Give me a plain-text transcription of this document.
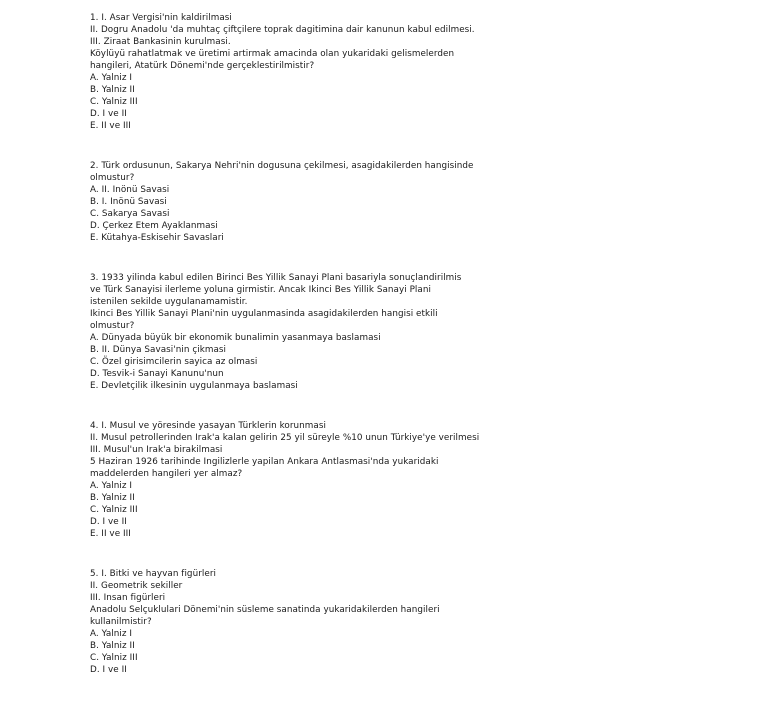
1. I. Asar Vergisi'nin kaldirilmasi
II. Dogru Anadolu 'da muhtaç çiftçilere toprak dagitimina dair kanunun kabul edilmesi.
III. Ziraat Bankasinin kurulmasi.
Köylüyü rahatlatmak ve üretimi artirmak amacinda olan yukaridaki gelismelerden
hangileri, Atatürk Dönemi'nde gerçeklestirilmistir?
A. Yalniz I
B. Yalniz II
C. Yalniz III
D. I ve II
E. II ve III
2. Türk ordusunun, Sakarya Nehri'nin dogusuna çekilmesi, asagidakilerden hangisinde
olmustur?
A. II. Inönü Savasi
B. I. Inönü Savasi
C. Sakarya Savasi
D. Çerkez Etem Ayaklanmasi
E. Kütahya-Eskisehir Savaslari
3. 1933 yilinda kabul edilen Birinci Bes Yillik Sanayi Plani basariyla sonuçlandirilmis
ve Türk Sanayisi ilerleme yoluna girmistir. Ancak Ikinci Bes Yillik Sanayi Plani
istenilen sekilde uygulanamamistir.
Ikinci Bes Yillik Sanayi Plani'nin uygulanmasinda asagidakilerden hangisi etkili
olmustur?
A. Dünyada büyük bir ekonomik bunalimin yasanmaya baslamasi
B. II. Dünya Savasi'nin çikmasi
C. Özel girisimcilerin sayica az olmasi
D. Tesvik-i Sanayi Kanunu'nun
E. Devletçilik ilkesinin uygulanmaya baslamasi
4. I. Musul ve yöresinde yasayan Türklerin korunmasi
II. Musul petrollerinden Irak'a kalan gelirin 25 yil süreyle %10 unun Türkiye'ye verilmesi
III. Musul'un Irak'a birakilmasi
5 Haziran 1926 tarihinde Ingilizlerle yapilan Ankara Antlasmasi'nda yukaridaki
maddelerden hangileri yer almaz?
A. Yalniz I
B. Yalniz II
C. Yalniz III
D. I ve II
E. II ve III
5. I. Bitki ve hayvan figürleri
II. Geometrik sekiller
III. Insan figürleri
Anadolu Selçuklulari Dönemi'nin süsleme sanatinda yukaridakilerden hangileri
kullanilmistir?
A. Yalniz I
B. Yalniz II
C. Yalniz III
D. I ve II
